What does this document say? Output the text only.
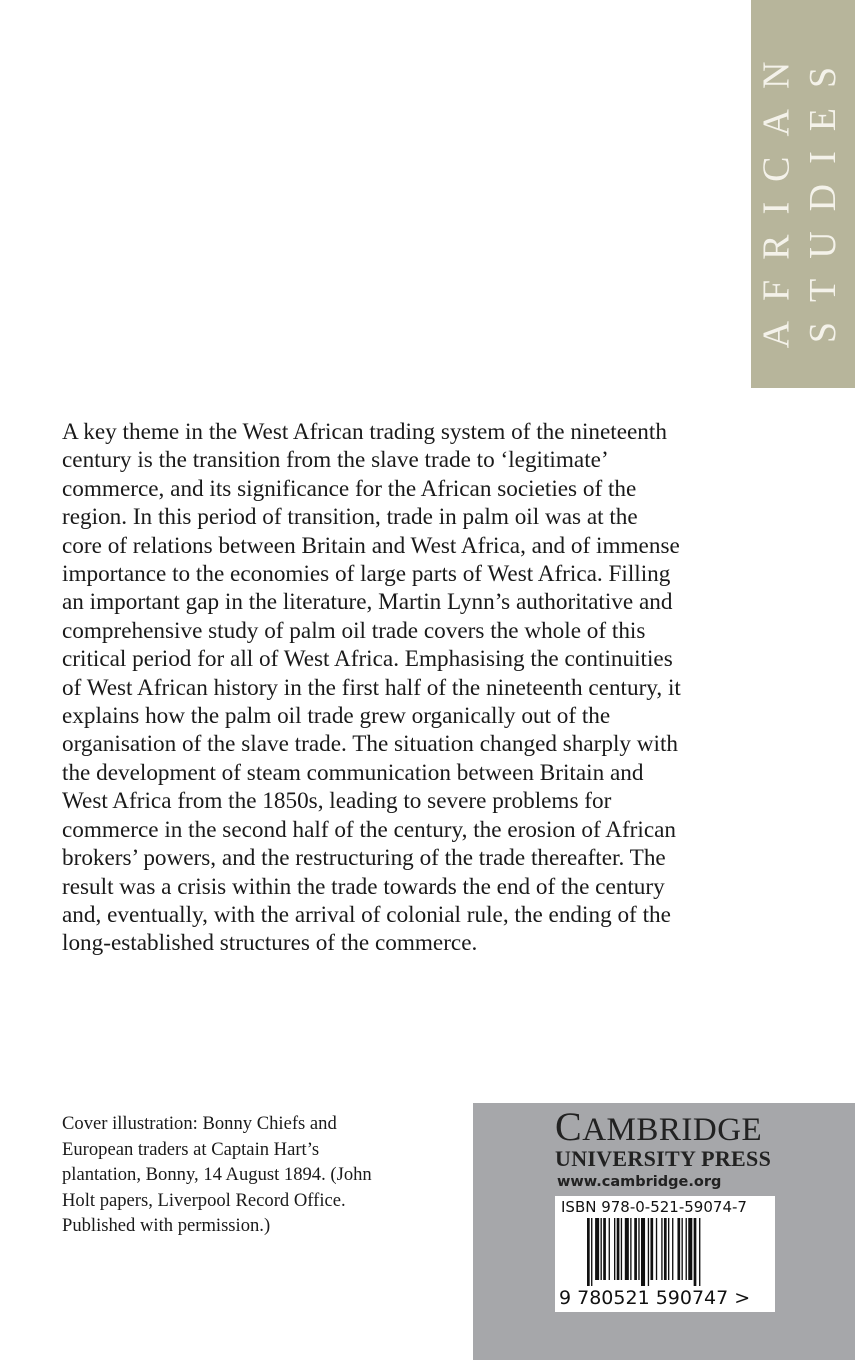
AFRICAN STUDIES
A key theme in the West African trading system of the nineteenth
century is the transition from the slave trade to ‘legitimate’
commerce, and its significance for the African societies of the
region. In this period of transition, trade in palm oil was at the
core of relations between Britain and West Africa, and of immense
importance to the economies of large parts of West Africa. Filling
an important gap in the literature, Martin Lynn’s authoritative and
comprehensive study of palm oil trade covers the whole of this
critical period for all of West Africa. Emphasising the continuities
of West African history in the first half of the nineteenth century, it
explains how the palm oil trade grew organically out of the
organisation of the slave trade. The situation changed sharply with
the development of steam communication between Britain and
West Africa from the 1850s, leading to severe problems for
commerce in the second half of the century, the erosion of African
brokers’ powers, and the restructuring of the trade thereafter. The
result was a crisis within the trade towards the end of the century
and, eventually, with the arrival of colonial rule, the ending of the
long-established structures of the commerce.
Cover illustration: Bonny Chiefs and
European traders at Captain Hart’s
plantation, Bonny, 14 August 1894. (John
Holt papers, Liverpool Record Office.
Published with permission.)
CAMBRIDGE
UNIVERSITY PRESS
www.cambridge.org
ISBN 978-0-521-59074-7
9 780521 590747 >
